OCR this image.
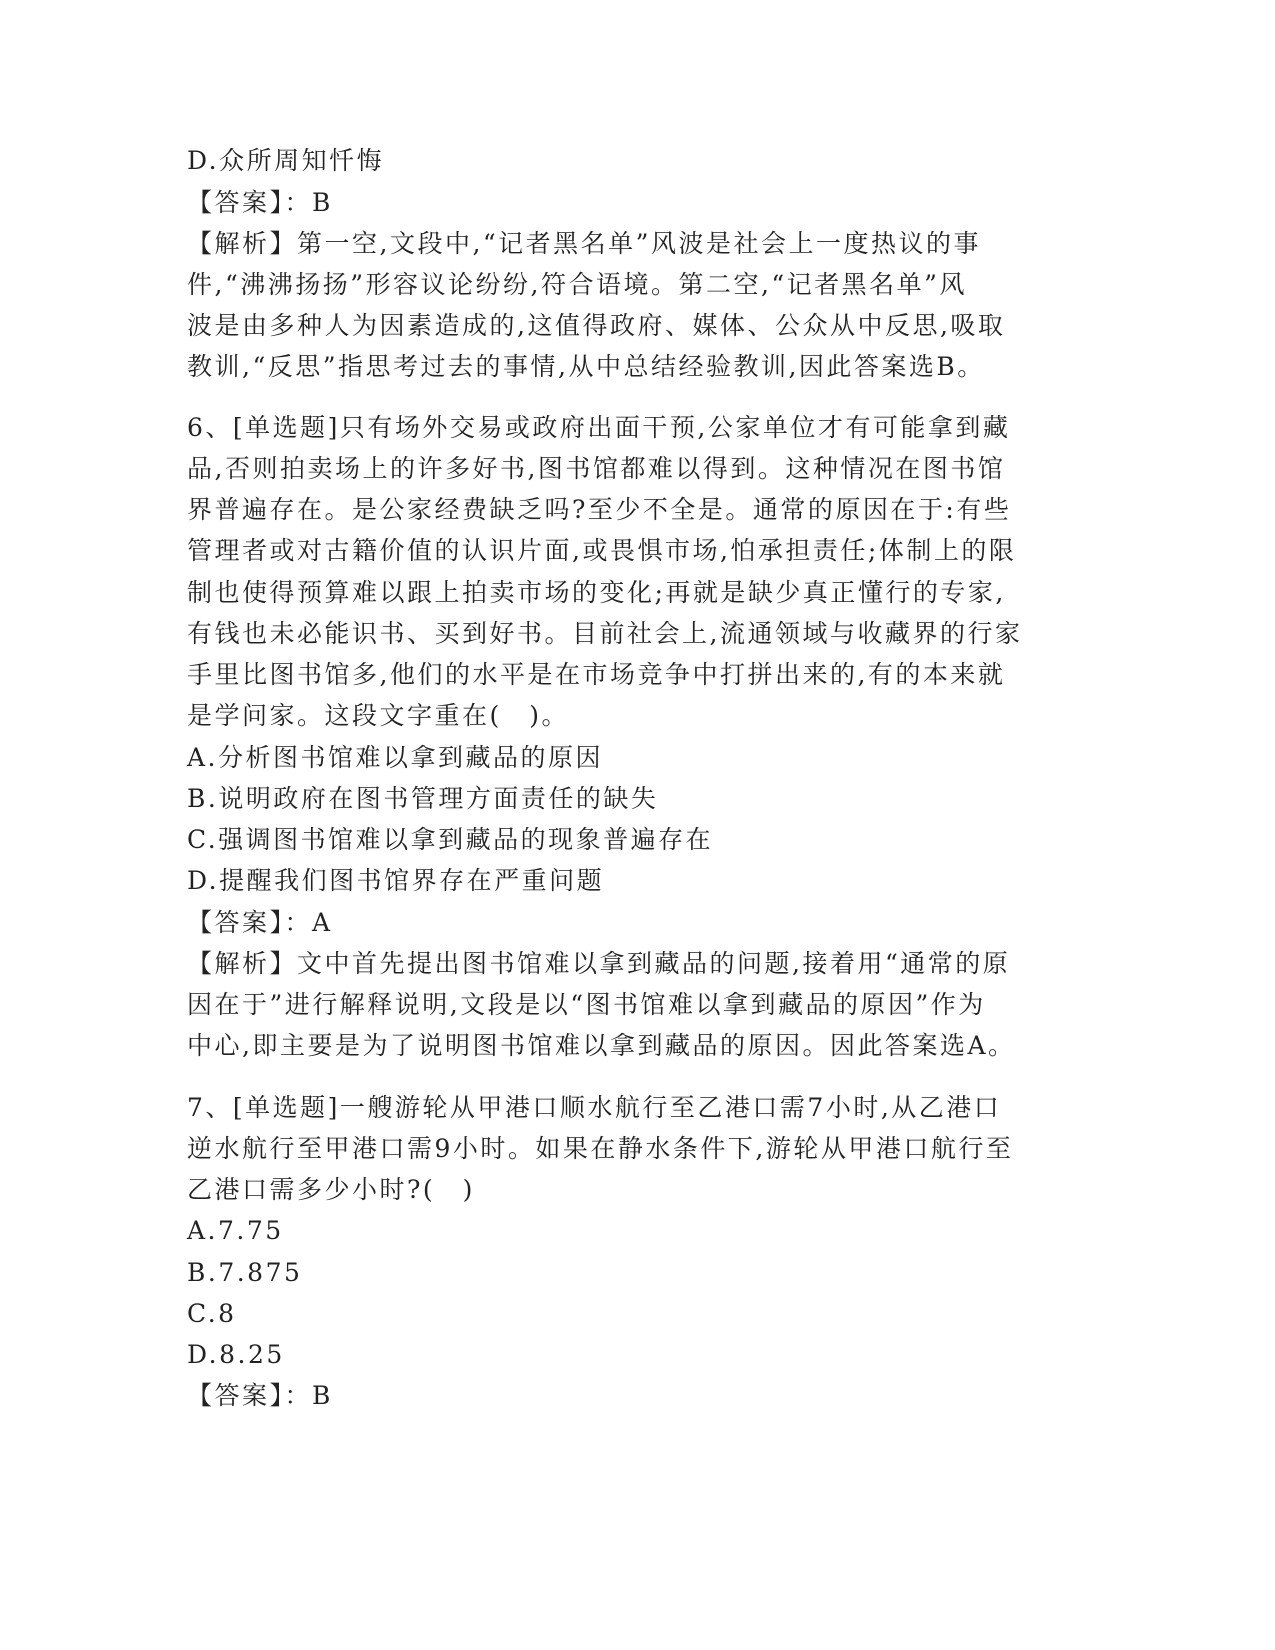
D.众所周知忏悔
【答案】：B
【解析】第一空,文段中,“记者黑名单”风波是社会上一度热议的事
件,“沸沸扬扬”形容议论纷纷,符合语境。第二空,“记者黑名单”风
波是由多种人为因素造成的,这值得政府、媒体、公众从中反思,吸取
教训,“反思”指思考过去的事情,从中总结经验教训,因此答案选B。
6、[单选题]只有场外交易或政府出面干预,公家单位才有可能拿到藏
品,否则拍卖场上的许多好书,图书馆都难以得到。这种情况在图书馆
界普遍存在。是公家经费缺乏吗?至少不全是。通常的原因在于:有些
管理者或对古籍价值的认识片面,或畏惧市场,怕承担责任;体制上的限
制也使得预算难以跟上拍卖市场的变化;再就是缺少真正懂行的专家,
有钱也未必能识书、买到好书。目前社会上,流通领域与收藏界的行家
手里比图书馆多,他们的水平是在市场竞争中打拼出来的,有的本来就
是学问家。这段文字重在(　)。
A.分析图书馆难以拿到藏品的原因
B.说明政府在图书管理方面责任的缺失
C.强调图书馆难以拿到藏品的现象普遍存在
D.提醒我们图书馆界存在严重问题
【答案】：A
【解析】文中首先提出图书馆难以拿到藏品的问题,接着用“通常的原
因在于”进行解释说明,文段是以“图书馆难以拿到藏品的原因”作为
中心,即主要是为了说明图书馆难以拿到藏品的原因。因此答案选A。
7、[单选题]一艘游轮从甲港口顺水航行至乙港口需7小时,从乙港口
逆水航行至甲港口需9小时。如果在静水条件下,游轮从甲港口航行至
乙港口需多少小时?(　)
A.7.75
B.7.875
C.8
D.8.25
【答案】：B
